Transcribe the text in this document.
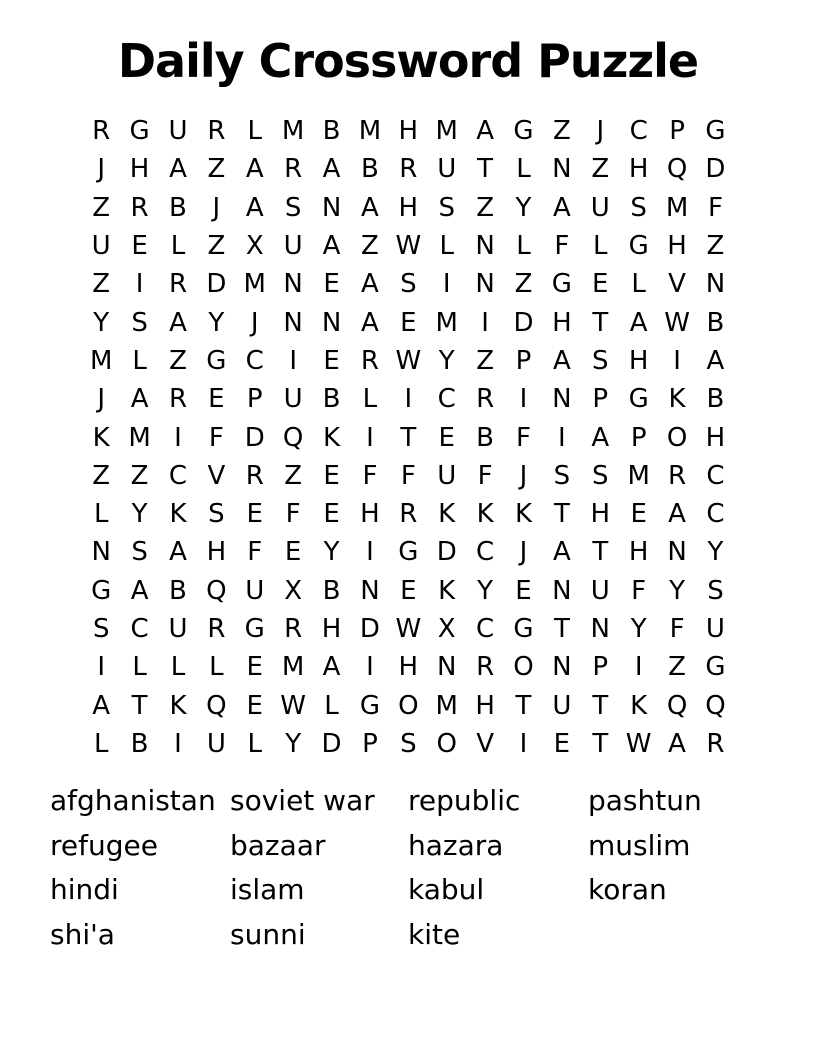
Daily Crossword Puzzle
R G U R L M B M H M A G Z J C P G
J H A Z A R A B R U T L N Z H Q D
Z R B J A S N A H S Z Y A U S M F
U E L Z X U A Z W L N L F L G H Z
Z I R D M N E A S	I N Z G E L V N
Y S A Y	J N N A E M I D H T A W B
M L Z G C I	E R W Y Z P A S H I A
J A R E P U B L	I C R I N P G K B
K M I	F D Q K	I	T E B F	I A P O H
Z Z C V R Z E F F U F	J	S S M R C
L Y K S E F E H R K K K T H E A C
N S A H F E Y	I G D C J A T H N Y
G A B Q U X B N E K Y E N U F Y S
S C U R G R H D W X C G T N Y F U
I	L L L E M A I H N R O N P	I Z G
A T K Q E W L G O M H T U T K Q Q
L B I U L Y D P S O V I	E T W A R
afghanistan soviet war	republic	pashtun
refugee	bazaar	hazara	muslim
hindi	islam	kabul	koran
shi'a	sunni	kite
